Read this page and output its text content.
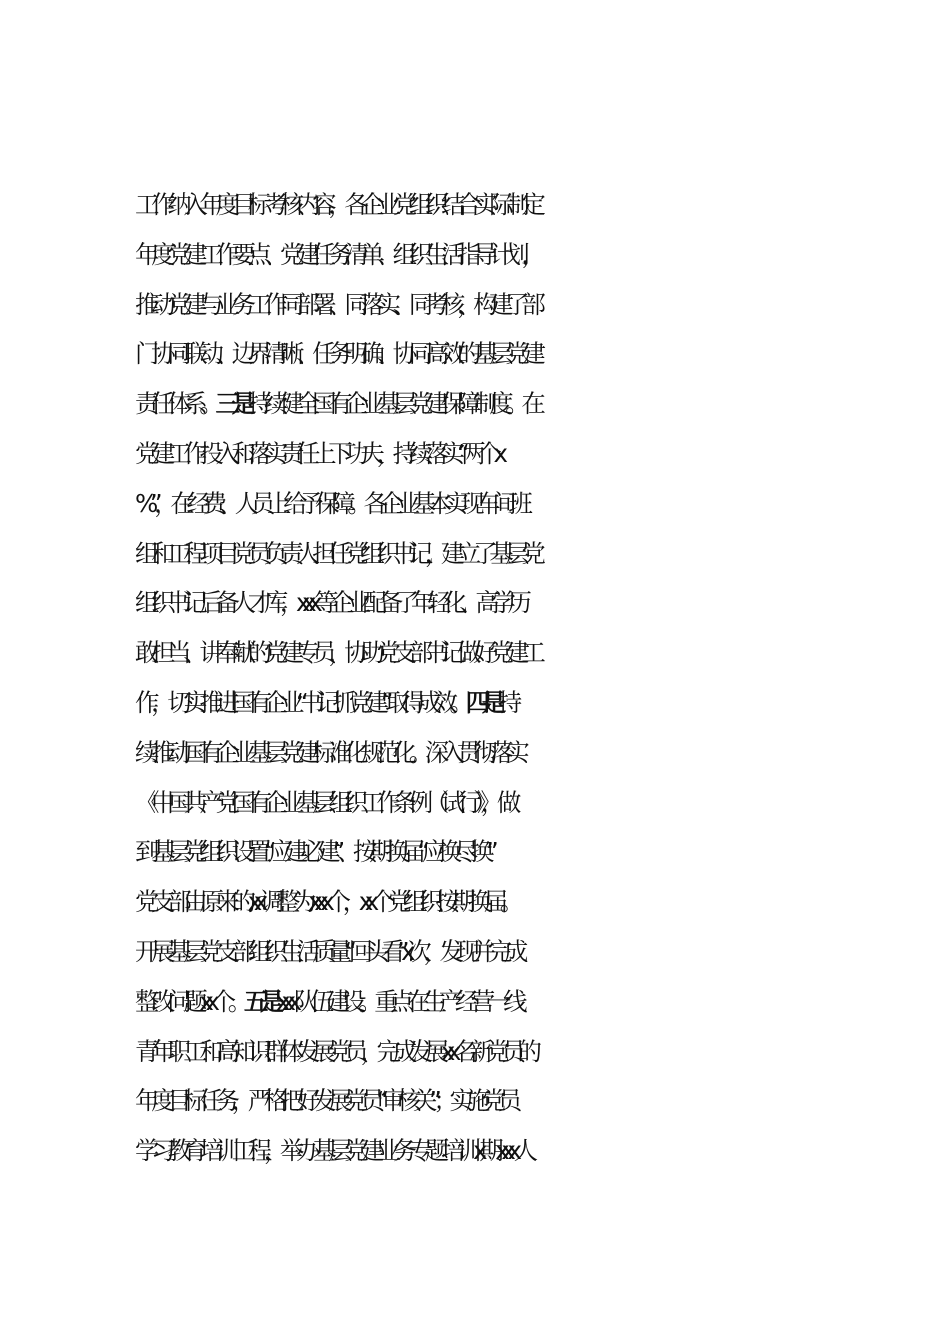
工作纳入年度目标考核内容，各企业党组织结合实际制定
年度党建工作要点、党建任务清单、组织生活指导计划，
推动党建与业务工作同部署、同落实、同考核，构建了部
门协同联动、边界清晰、任务明确、协同高效的基层党建
责任体系。三是持续健全国有企业基层党建保障制度。在
党建工作投入和落实责任上下功夫，持续落实“两个x
%”，在经费、人员上给予保障。各企业基本实现车间班
组和工程项目党员负责人担任党组织书记，建立了基层党
组织书记后备人才库，xxx等企业配备了年轻化、高学历
敢担当、讲奉献的党建专员，协助党支部书记做好党建工
作，切实推进国有企业“书记抓党建”取得成效。四是持
续推动国有企业基层党建标准化规范化。深入贯彻落实
《中国共产党国有企业基层组织工作条例（试行）》，做
到基层党组织设置“应建必建”、按期换届“应换尽换”
党支部由原来的xx调整为xxx个，xx个党组织按期换届。
开展基层党支部组织生活质量“回头看”x次，发现并完成
整改问题xx个。五是x.xx队伍建设。重点在生产经营一线
青年职工和高知识群体发展党员，完成发展xx名新党员的
年度目标任务，严格把好发展党员“审核关”；实施党员
学习教育培训工程，举办基层党建业务专题培训x期xxx人
